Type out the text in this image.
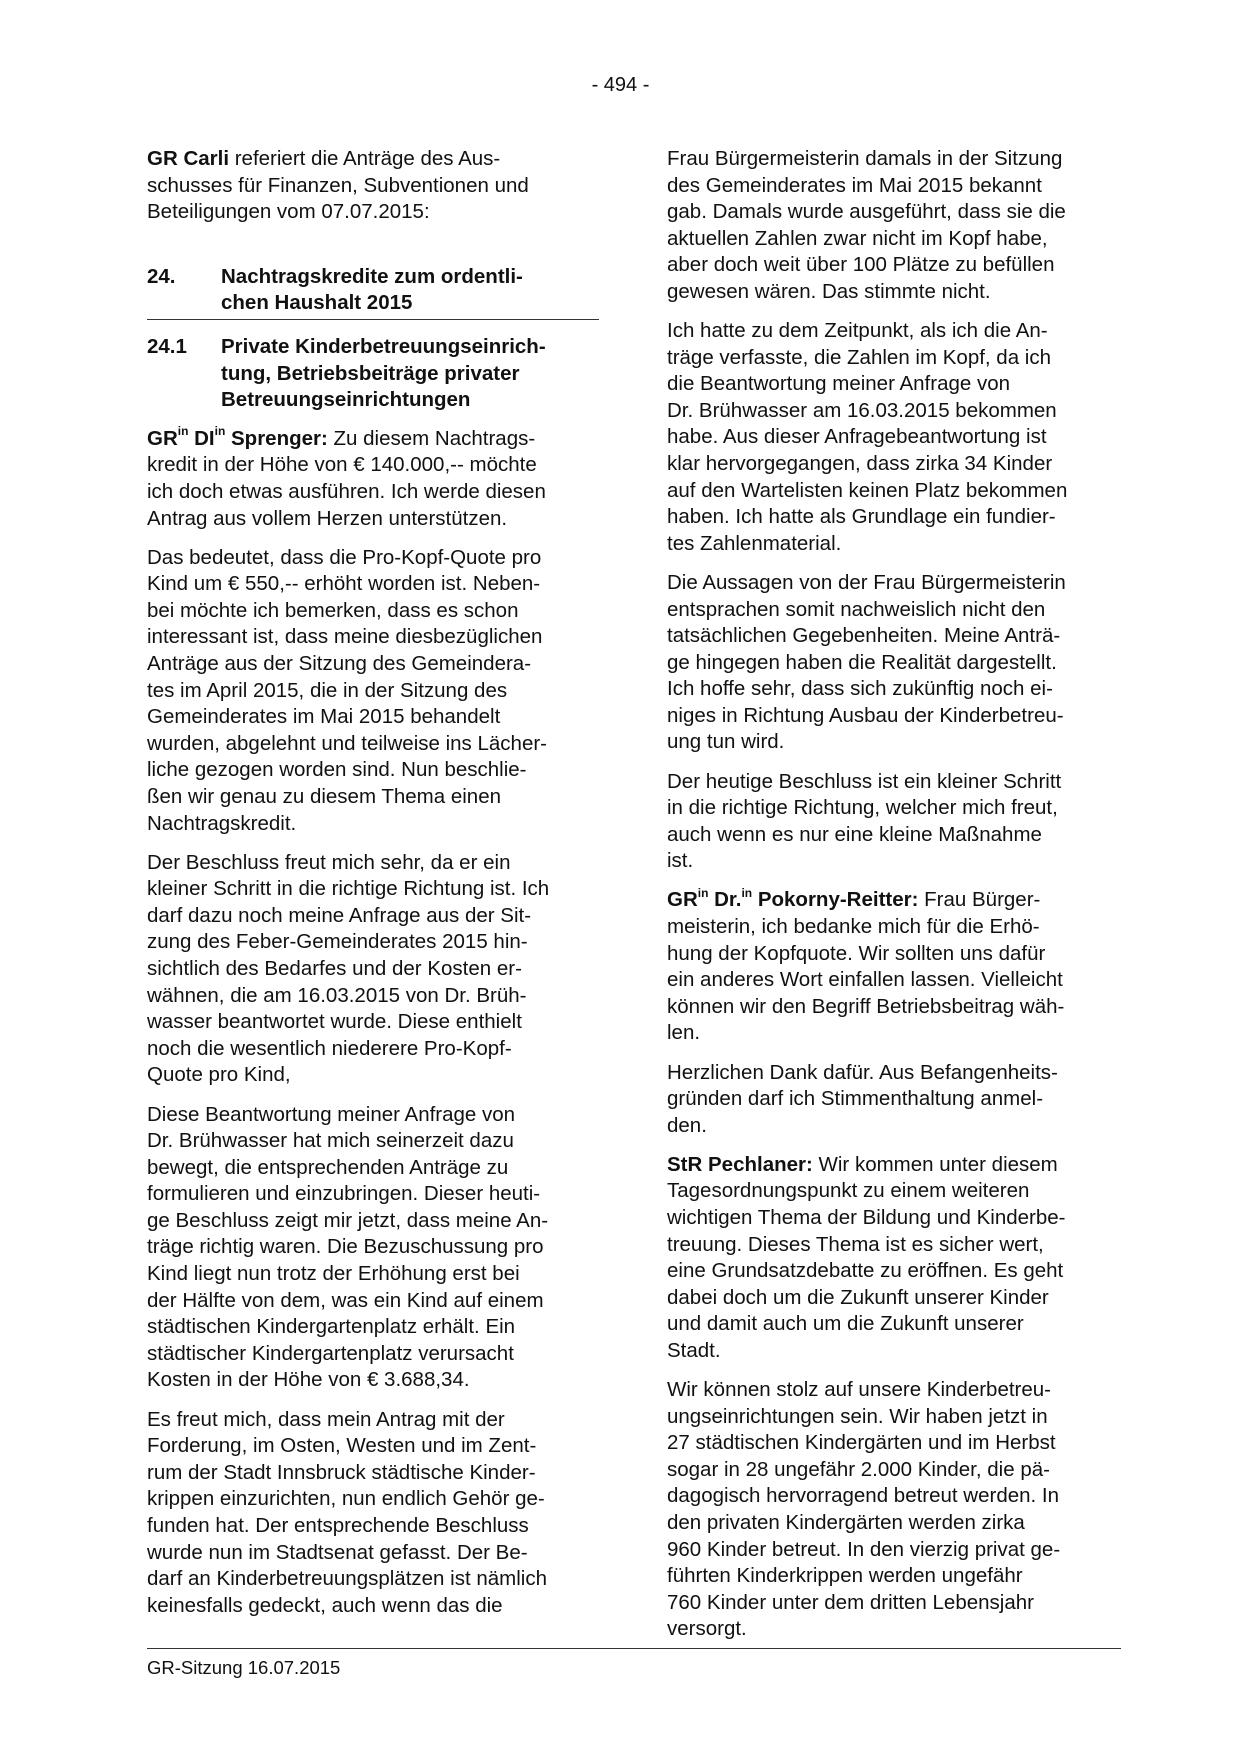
- 494 -
GR Carli referiert die Anträge des Aus-
schusses für Finanzen, Subventionen und
Beteiligungen vom 07.07.2015:
24.	Nachtragskredite zum ordentli-
chen Haushalt 2015
24.1	Private Kinderbetreuungseinrich-
tung, Betriebsbeiträge privater
Betreuungseinrichtungen
$GR^{in}$ $DI^{in}$ Sprenger: Zu diesem Nachtrags-
kredit in der Höhe von € 140.000,-- möchte
ich doch etwas ausführen. Ich werde diesen
Antrag aus vollem Herzen unterstützen.
Das bedeutet, dass die Pro-Kopf-Quote pro
Kind um € 550,-- erhöht worden ist. Neben-
bei möchte ich bemerken, dass es schon
interessant ist, dass meine diesbezüglichen
Anträge aus der Sitzung des Gemeindera-
tes im April 2015, die in der Sitzung des
Gemeinderates im Mai 2015 behandelt
wurden, abgelehnt und teilweise ins Lächer-
liche gezogen worden sind. Nun beschlie-
ßen wir genau zu diesem Thema einen
Nachtragskredit.
Der Beschluss freut mich sehr, da er ein
kleiner Schritt in die richtige Richtung ist. Ich
darf dazu noch meine Anfrage aus der Sit-
zung des Feber-Gemeinderates 2015 hin-
sichtlich des Bedarfes und der Kosten er-
wähnen, die am 16.03.2015 von Dr. Brüh-
wasser beantwortet wurde. Diese enthielt
noch die wesentlich niederere Pro-Kopf-
Quote pro Kind,
Diese Beantwortung meiner Anfrage von
Dr. Brühwasser hat mich seinerzeit dazu
bewegt, die entsprechenden Anträge zu
formulieren und einzubringen. Dieser heuti-
ge Beschluss zeigt mir jetzt, dass meine An-
träge richtig waren. Die Bezuschussung pro
Kind liegt nun trotz der Erhöhung erst bei
der Hälfte von dem, was ein Kind auf einem
städtischen Kindergartenplatz erhält. Ein
städtischer Kindergartenplatz verursacht
Kosten in der Höhe von € 3.688,34.
Es freut mich, dass mein Antrag mit der
Forderung, im Osten, Westen und im Zent-
rum der Stadt Innsbruck städtische Kinder-
krippen einzurichten, nun endlich Gehör ge-
funden hat. Der entsprechende Beschluss
wurde nun im Stadtsenat gefasst. Der Be-
darf an Kinderbetreuungsplätzen ist nämlich
keinesfalls gedeckt, auch wenn das die
Frau Bürgermeisterin damals in der Sitzung
des Gemeinderates im Mai 2015 bekannt
gab. Damals wurde ausgeführt, dass sie die
aktuellen Zahlen zwar nicht im Kopf habe,
aber doch weit über 100 Plätze zu befüllen
gewesen wären. Das stimmte nicht.
Ich hatte zu dem Zeitpunkt, als ich die An-
träge verfasste, die Zahlen im Kopf, da ich
die Beantwortung meiner Anfrage von
Dr. Brühwasser am 16.03.2015 bekommen
habe. Aus dieser Anfragebeantwortung ist
klar hervorgegangen, dass zirka 34 Kinder
auf den Wartelisten keinen Platz bekommen
haben. Ich hatte als Grundlage ein fundier-
tes Zahlenmaterial.
Die Aussagen von der Frau Bürgermeisterin
entsprachen somit nachweislich nicht den
tatsächlichen Gegebenheiten. Meine Anträ-
ge hingegen haben die Realität dargestellt.
Ich hoffe sehr, dass sich zukünftig noch ei-
niges in Richtung Ausbau der Kinderbetreu-
ung tun wird.
Der heutige Beschluss ist ein kleiner Schritt
in die richtige Richtung, welcher mich freut,
auch wenn es nur eine kleine Maßnahme
ist.
$GR^{in}$ Dr.$^{in}$ Pokorny-Reitter: Frau Bürger-
meisterin, ich bedanke mich für die Erhö-
hung der Kopfquote. Wir sollten uns dafür
ein anderes Wort einfallen lassen. Vielleicht
können wir den Begriff Betriebsbeitrag wäh-
len.
Herzlichen Dank dafür. Aus Befangenheits-
gründen darf ich Stimmenthaltung anmel-
den.
StR Pechlaner: Wir kommen unter diesem
Tagesordnungspunkt zu einem weiteren
wichtigen Thema der Bildung und Kinderbe-
treuung. Dieses Thema ist es sicher wert,
eine Grundsatzdebatte zu eröffnen. Es geht
dabei doch um die Zukunft unserer Kinder
und damit auch um die Zukunft unserer
Stadt.
Wir können stolz auf unsere Kinderbetreu-
ungseinrichtungen sein. Wir haben jetzt in
27 städtischen Kindergärten und im Herbst
sogar in 28 ungefähr 2.000 Kinder, die pä-
dagogisch hervorragend betreut werden. In
den privaten Kindergärten werden zirka
960 Kinder betreut. In den vierzig privat ge-
führten Kinderkrippen werden ungefähr
760 Kinder unter dem dritten Lebensjahr
versorgt.
GR-Sitzung 16.07.2015
